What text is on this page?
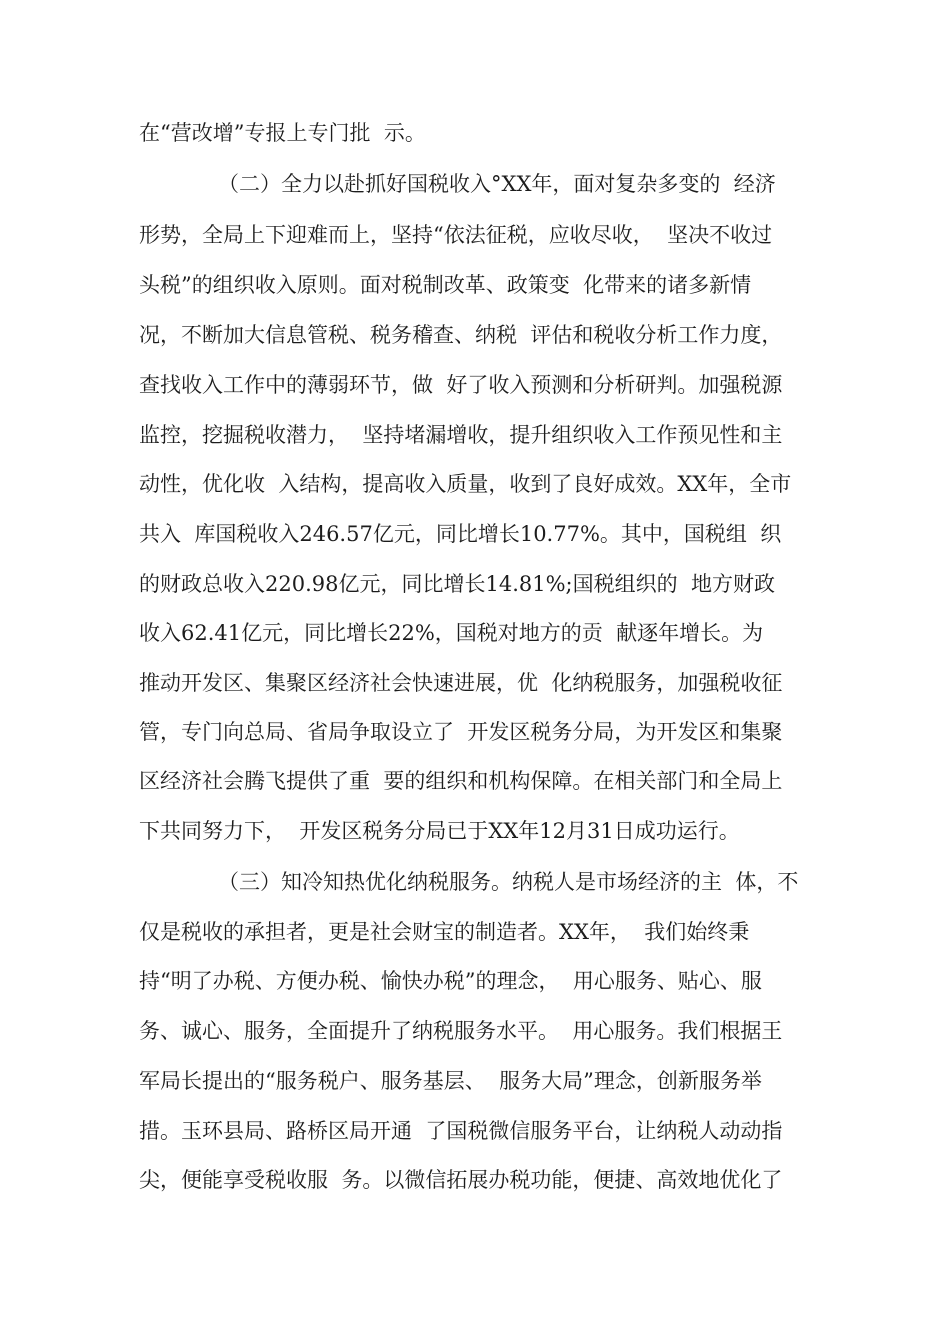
在“营改增”专报上专门批  示。
（二）全力以赴抓好国税收入°XX年，面对复杂多变的  经济
形势，全局上下迎难而上，坚持“依法征税，应收尽收，  坚决不收过
头税”的组织收入原则。面对税制改革、政策变  化带来的诸多新情
况，不断加大信息管税、税务稽查、纳税  评估和税收分析工作力度，
查找收入工作中的薄弱环节，做  好了收入预测和分析研判。加强税源
监控，挖掘税收潜力，  坚持堵漏增收，提升组织收入工作预见性和主
动性，优化收  入结构，提高收入质量，收到了良好成效。XX年，全市
共入  库国税收入246.57亿元，同比增长10.77%。其中，国税组  织
的财政总收入220.98亿元，同比增长14.81%;国税组织的  地方财政
收入62.41亿元，同比增长22%，国税对地方的贡  献逐年增长。为
推动开发区、集聚区经济社会快速进展，优  化纳税服务，加强税收征
管，专门向总局、省局争取设立了  开发区税务分局，为开发区和集聚
区经济社会腾飞提供了重  要的组织和机构保障。在相关部门和全局上
下共同努力下，  开发区税务分局已于XX年12月31日成功运行。
（三）知冷知热优化纳税服务。纳税人是市场经济的主  体，不
仅是税收的承担者，更是社会财宝的制造者。XX年，  我们始终秉
持“明了办税、方便办税、愉快办税”的理念，  用心服务、贴心、服
务、诚心、服务，全面提升了纳税服务水平。  用心服务。我们根据王
军局长提出的“服务税户、服务基层、  服务大局”理念，创新服务举
措。玉环县局、路桥区局开通  了国税微信服务平台，让纳税人动动指
尖，便能享受税收服  务。以微信拓展办税功能，便捷、高效地优化了
